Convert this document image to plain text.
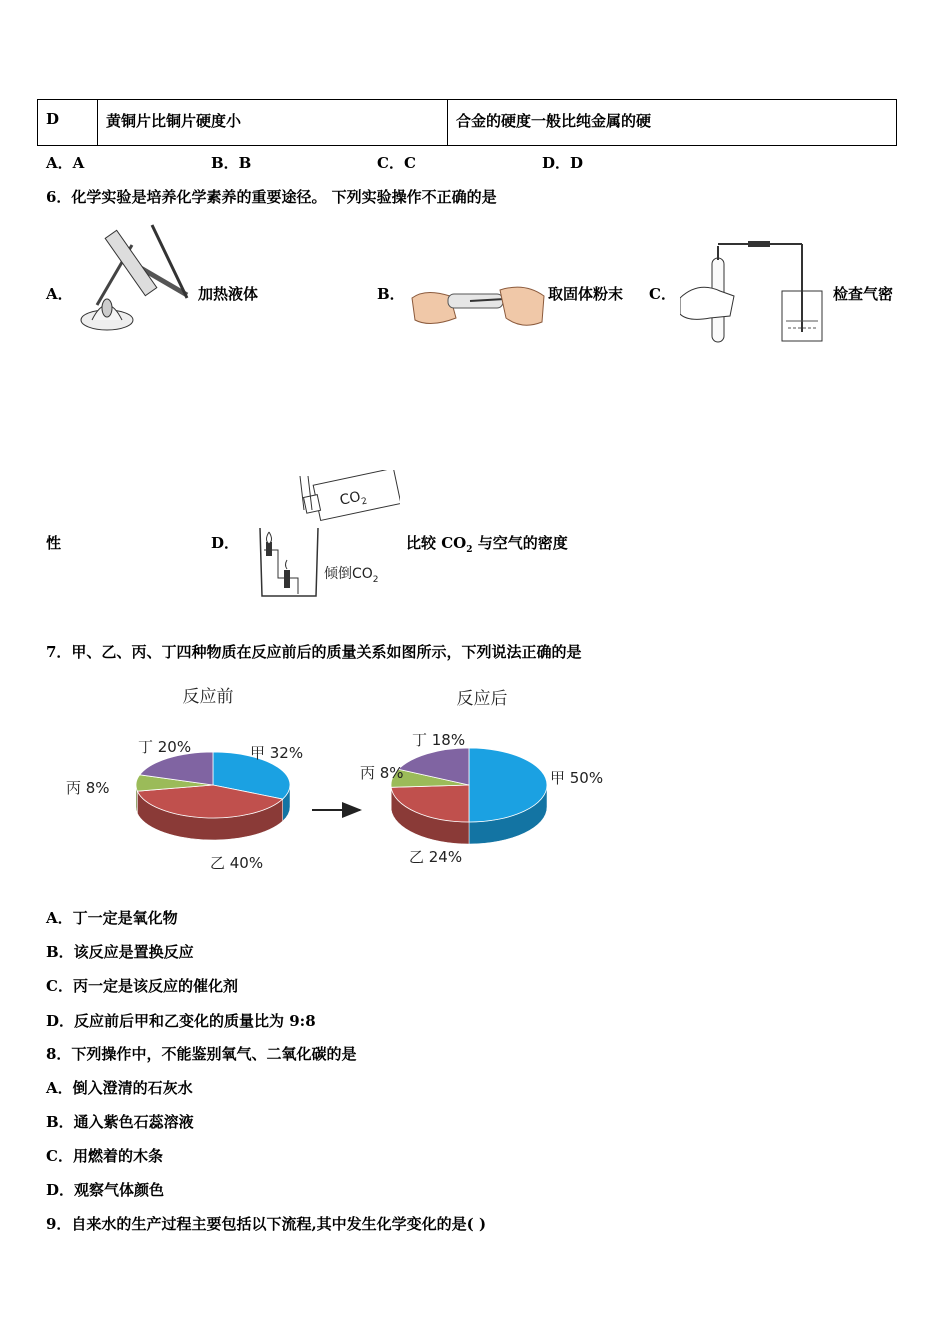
D	黄铜片比铜片硬度小	合金的硬度一般比纯金属的硬
A．A	B．B	C．C	D．D
6．化学实验是培养化学素养的重要途径。 下列实验操作不正确的是
A．	加热液体	B．	取固体粉末 C．	检查气密
性	D．
$CO_2$
倾倒$CO_2$
比较 $CO_2$ 与空气的密度
7．甲、乙、丙、丁四种物质在反应前后的质量关系如图所示，下列说法正确的是
反应前
甲 32%
乙 40%
丙 8%
丁 20%
反应后
甲 50%
乙 24%
丙 8%
丁 18%
A．丁一定是氧化物
B．该反应是置换反应
C．丙一定是该反应的催化剂
D．反应前后甲和乙变化的质量比为 9:8
8．下列操作中，不能鉴别氧气、二氧化碳的是
A．倒入澄清的石灰水
B．通入紫色石蕊溶液
C．用燃着的木条
D．观察气体颜色
9．自来水的生产过程主要包括以下流程,其中发生化学变化的是( )
